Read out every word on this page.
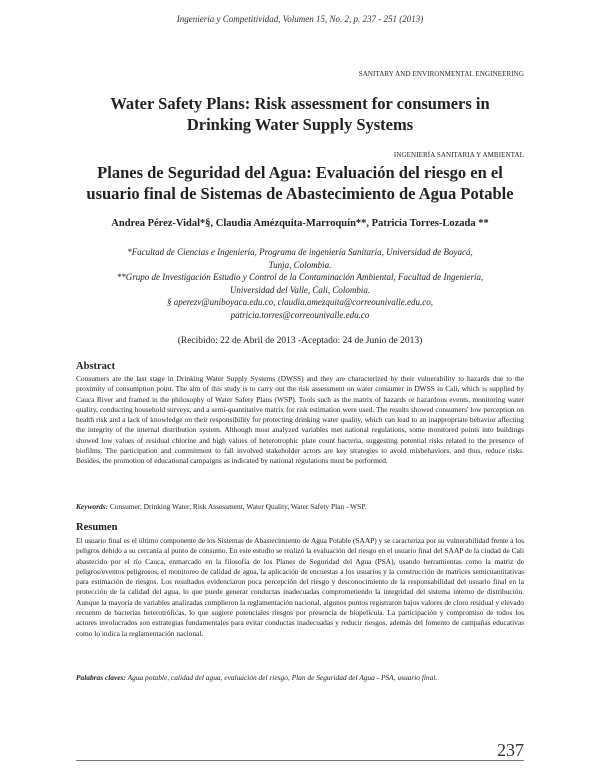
Ingeniería y Competitividad, Volumen 15, No. 2, p. 237 - 251 (2013)
SANITARY AND ENVIRONMENTAL ENGINEERING
Water Safety Plans: Risk assessment for consumers in
Drinking Water Supply Systems
INGENIERÍA SANITARIA Y AMBIENTAL
Planes de Seguridad del Agua: Evaluación del riesgo en el
usuario final de Sistemas de Abastecimiento de Agua Potable
Andrea Pérez-Vidal*§, Claudia Amézquita-Marroquín**, Patricia Torres-Lozada **
*Facultad de Ciencias e Ingeniería, Programa de ingeniería Sanitaria, Universidad de Boyacá,
Tunja, Colombia.
**Grupo de Investigación Estudio y Control de la Contaminación Ambiental, Facultad de Ingeniería,
Universidad del Valle, Cali, Colombia.
§ aperezv@uniboyaca.edu.co, claudia.amezquita@correounivalle.edu.co,
patricia.torres@correounivalle.edu.co
(Recibido: 22 de Abril de 2013 -Aceptado: 24 de Junio de 2013)
Abstract
Consumers are the last stage in Drinking Water Supply Systems (DWSS) and they are characterized by their vulnerability to hazards due to the proximity of consumption point. The aim of this study is to carry out the risk assessment on water consumer in DWSS in Cali, which is supplied by Cauca River and framed in the philosophy of Water Safety Plans (WSP). Tools such as the matrix of hazards or hazardous events, monitoring water quality, conducting household surveys, and a semi-quantitative matrix for risk estimation were used. The results showed consumers' low perception on health risk and a lack of knowledge on their responsibility for protecting drinking water quality, which can lead to an inappropriate behavior affecting the integrity of the internal distribution system. Although most analyzed variables met national regulations, some monitored points into buildings showed low values of residual chlorine and high values of heterotrophic plate count bacteria, suggesting potential risks related to the presence of biofilms. The participation and commitment to fall involved stakeholder actors are key strategies to avoid misbehaviors, and thus, reduce risks. Besides, the promotion of educational campaigns as indicated by national regulations must be performed.
Keywords: Consumer, Drinking Water, Risk Assessment, Water Quality, Water Safety Plan - WSP.
Resumen
El usuario final es el último componente de los Sistemas de Abastecimiento de Agua Potable (SAAP) y se caracteriza por su vulnerabilidad frente a los peligros debido a su cercanía al punto de consumo. En este estudio se realizó la evaluación del riesgo en el usuario final del SAAP de la ciudad de Cali abastecido por el río Cauca, enmarcado en la filosofía de los Planes de Seguridad del Agua (PSA), usando herramientas como la matriz de peligros/eventos peligrosos, el monitoreo de calidad de agua, la aplicación de encuestas a los usuarios y la construcción de matrices semicuantitativas para estimación de riesgos. Los resultados evidenciaron poca percepción del riesgo y desconocimiento de la responsabilidad del usuario final en la protección de la calidad del agua, lo que puede generar conductas inadecuadas comprometiendo la integridad del sistema interno de distribución. Aunque la mayoría de variables analizadas cumplieron la reglamentación nacional, algunos puntos registraron bajos valores de cloro residual y elevado recuento de bacterias heterotróficas, lo que sugiere potenciales riesgos por presencia de biopelícula. La participación y compromiso de todos los actores involucrados son estrategias fundamentales para evitar conductas inadecuadas y reducir riesgos, además del fomento de campañas educativas como lo indica la reglamentación nacional.
Palabras claves: Agua potable, calidad del agua, evaluación del riesgo, Plan de Seguridad del Agua - PSA, usuario final.
237
